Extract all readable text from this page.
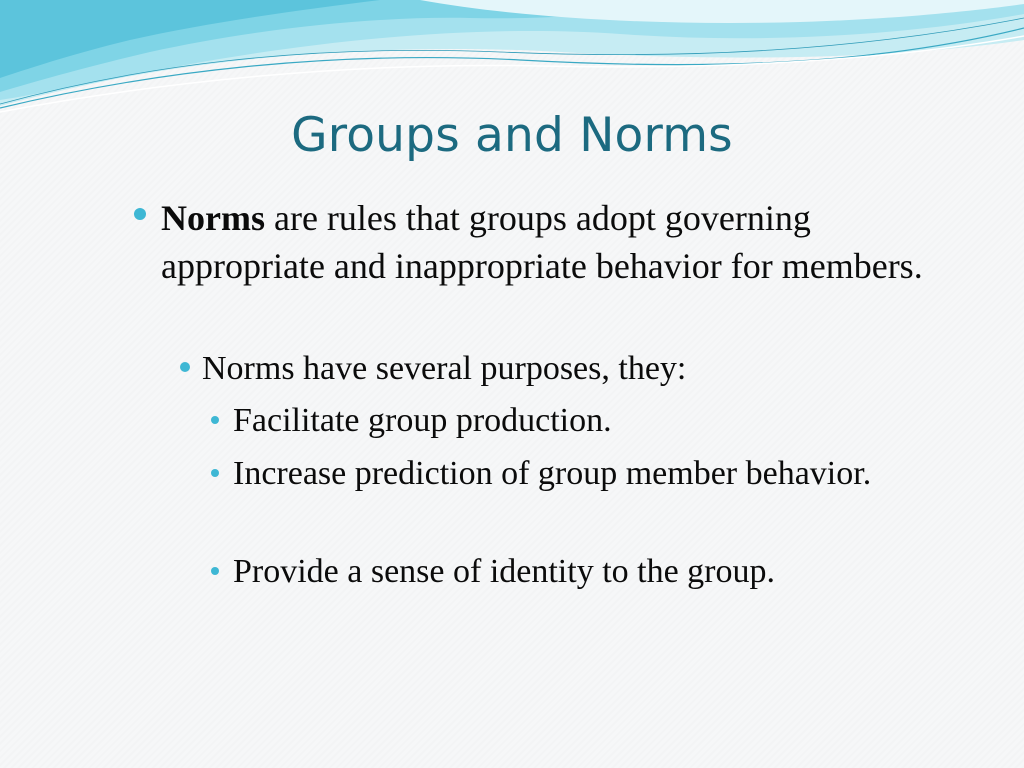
Groups and Norms
Norms are rules that groups adopt governing appropriate and inappropriate behavior for members.
Norms have several purposes, they:
Facilitate group production.
Increase prediction of group member behavior.
Provide a sense of identity to the group.
